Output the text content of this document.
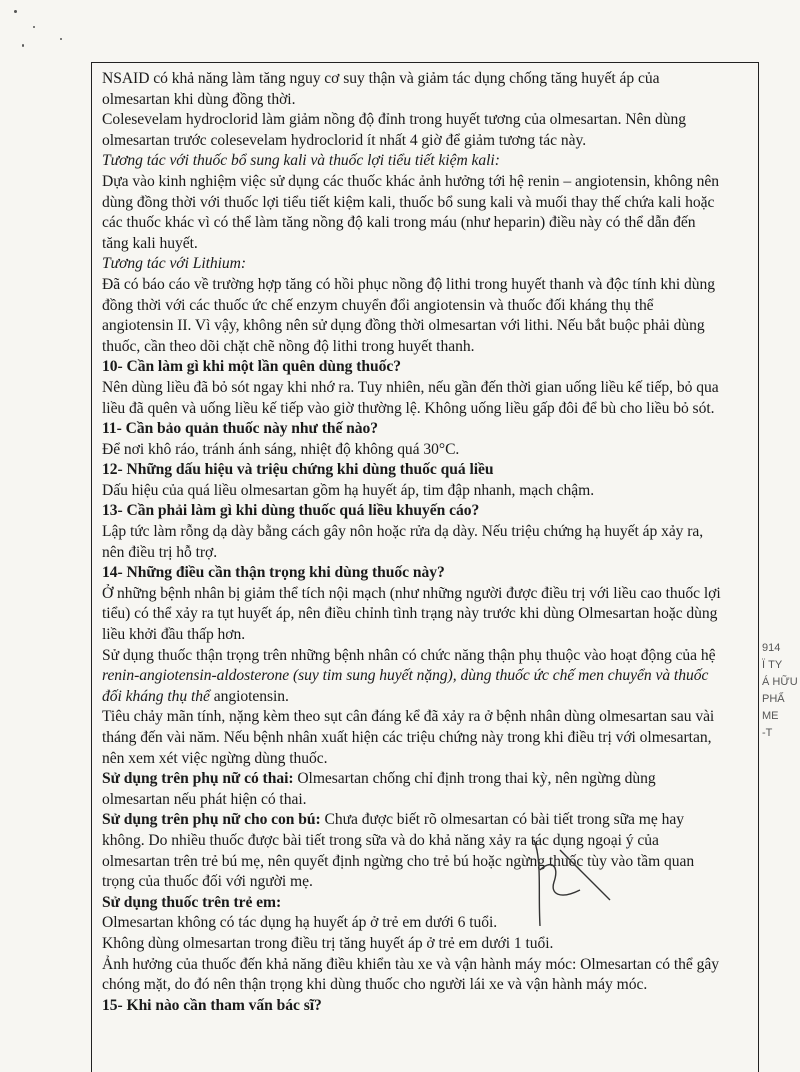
NSAID có khả năng làm tăng nguy cơ suy thận và giảm tác dụng chống tăng huyết áp của
olmesartan khi dùng đồng thời.
Colesevelam hydroclorid làm giảm nồng độ đỉnh trong huyết tương của olmesartan. Nên dùng
olmesartan trước colesevelam hydroclorid ít nhất 4 giờ để giảm tương tác này.
Tương tác với thuốc bổ sung kali và thuốc lợi tiểu tiết kiệm kali:
Dựa vào kinh nghiệm việc sử dụng các thuốc khác ảnh hưởng tới hệ renin – angiotensin, không nên
dùng đồng thời với thuốc lợi tiểu tiết kiệm kali, thuốc bổ sung kali và muối thay thế chứa kali hoặc
các thuốc khác vì có thể làm tăng nồng độ kali trong máu (như heparin) điều này có thể dẫn đến
tăng kali huyết.
Tương tác với Lithium:
Đã có báo cáo về trường hợp tăng có hồi phục nồng độ lithi trong huyết thanh và độc tính khi dùng
đồng thời với các thuốc ức chế enzym chuyển đổi angiotensin và thuốc đối kháng thụ thể
angiotensin II. Vì vậy, không nên sử dụng đồng thời olmesartan với lithi. Nếu bắt buộc phải dùng
thuốc, cần theo dõi chặt chẽ nồng độ lithi trong huyết thanh.
10- Cần làm gì khi một lần quên dùng thuốc?
Nên dùng liều đã bỏ sót ngay khi nhớ ra. Tuy nhiên, nếu gần đến thời gian uống liều kế tiếp, bỏ qua
liều đã quên và uống liều kế tiếp vào giờ thường lệ. Không uống liều gấp đôi để bù cho liều bỏ sót.
11- Cần bảo quản thuốc này như thế nào?
Để nơi khô ráo, tránh ánh sáng, nhiệt độ không quá 30°C.
12- Những dấu hiệu và triệu chứng khi dùng thuốc quá liều
Dấu hiệu của quá liều olmesartan gồm hạ huyết áp, tim đập nhanh, mạch chậm.
13- Cần phải làm gì khi dùng thuốc quá liều khuyến cáo?
Lập tức làm rỗng dạ dày bằng cách gây nôn hoặc rửa dạ dày. Nếu triệu chứng hạ huyết áp xảy ra,
nên điều trị hỗ trợ.
14- Những điều cần thận trọng khi dùng thuốc này?
Ở những bệnh nhân bị giảm thể tích nội mạch (như những người được điều trị với liều cao thuốc lợi
tiểu) có thể xảy ra tụt huyết áp, nên điều chỉnh tình trạng này trước khi dùng Olmesartan hoặc dùng
liều khởi đầu thấp hơn.
Sử dụng thuốc thận trọng trên những bệnh nhân có chức năng thận phụ thuộc vào hoạt động của hệ
renin-angiotensin-aldosterone (suy tim sung huyết nặng), dùng thuốc ức chế men chuyển và thuốc
đối kháng thụ thể angiotensin.
Tiêu chảy mãn tính, nặng kèm theo sụt cân đáng kể đã xảy ra ở bệnh nhân dùng olmesartan sau vài
tháng đến vài năm. Nếu bệnh nhân xuất hiện các triệu chứng này trong khi điều trị với olmesartan,
nên xem xét việc ngừng dùng thuốc.
Sử dụng trên phụ nữ có thai: Olmesartan chống chỉ định trong thai kỳ, nên ngừng dùng
olmesartan nếu phát hiện có thai.
Sử dụng trên phụ nữ cho con bú: Chưa được biết rõ olmesartan có bài tiết trong sữa mẹ hay
không. Do nhiều thuốc được bài tiết trong sữa và do khả năng xảy ra tác dụng ngoại ý của
olmesartan trên trẻ bú mẹ, nên quyết định ngừng cho trẻ bú hoặc ngừng thuốc tùy vào tầm quan
trọng của thuốc đối với người mẹ.
Sử dụng thuốc trên trẻ em:
Olmesartan không có tác dụng hạ huyết áp ở trẻ em dưới 6 tuổi.
Không dùng olmesartan trong điều trị tăng huyết áp ở trẻ em dưới 1 tuổi.
Ảnh hưởng của thuốc đến khả năng điều khiển tàu xe và vận hành máy móc: Olmesartan có thể gây
chóng mặt, do đó nên thận trọng khi dùng thuốc cho người lái xe và vận hành máy móc.
15- Khi nào cần tham vấn bác sĩ?
914
Ϊ TY
Á HỮU
PHẨ
ME
-T
